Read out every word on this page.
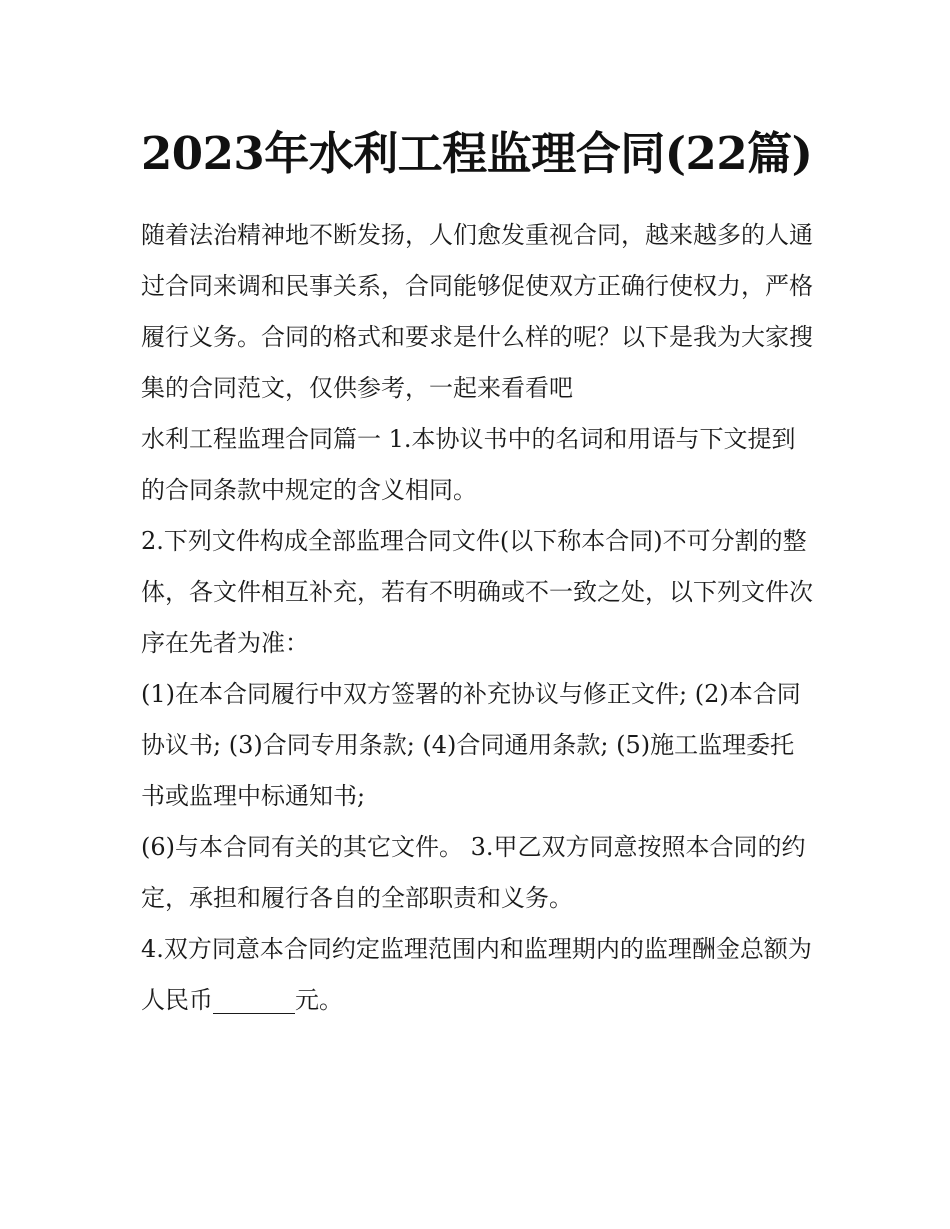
2023年水利工程监理合同(22篇)

随着法治精神地不断发扬，人们愈发重视合同，越来越多的人通过合同来调和民事关系，合同能够促使双方正确行使权力，严格履行义务。合同的格式和要求是什么样的呢？以下是我为大家搜集的合同范文，仅供参考，一起来看看吧

水利工程监理合同篇一 1.本协议书中的名词和用语与下文提到的合同条款中规定的含义相同。

2.下列文件构成全部监理合同文件(以下称本合同)不可分割的整体，各文件相互补充，若有不明确或不一致之处，以下列文件次序在先者为准：

(1)在本合同履行中双方签署的补充协议与修正文件; (2)本合同协议书; (3)合同专用条款; (4)合同通用条款; (5)施工监理委托书或监理中标通知书;

(6)与本合同有关的其它文件。 3.甲乙双方同意按照本合同的约定，承担和履行各自的全部职责和义务。

4.双方同意本合同约定监理范围内和监理期内的监理酬金总额为人民币	元。
